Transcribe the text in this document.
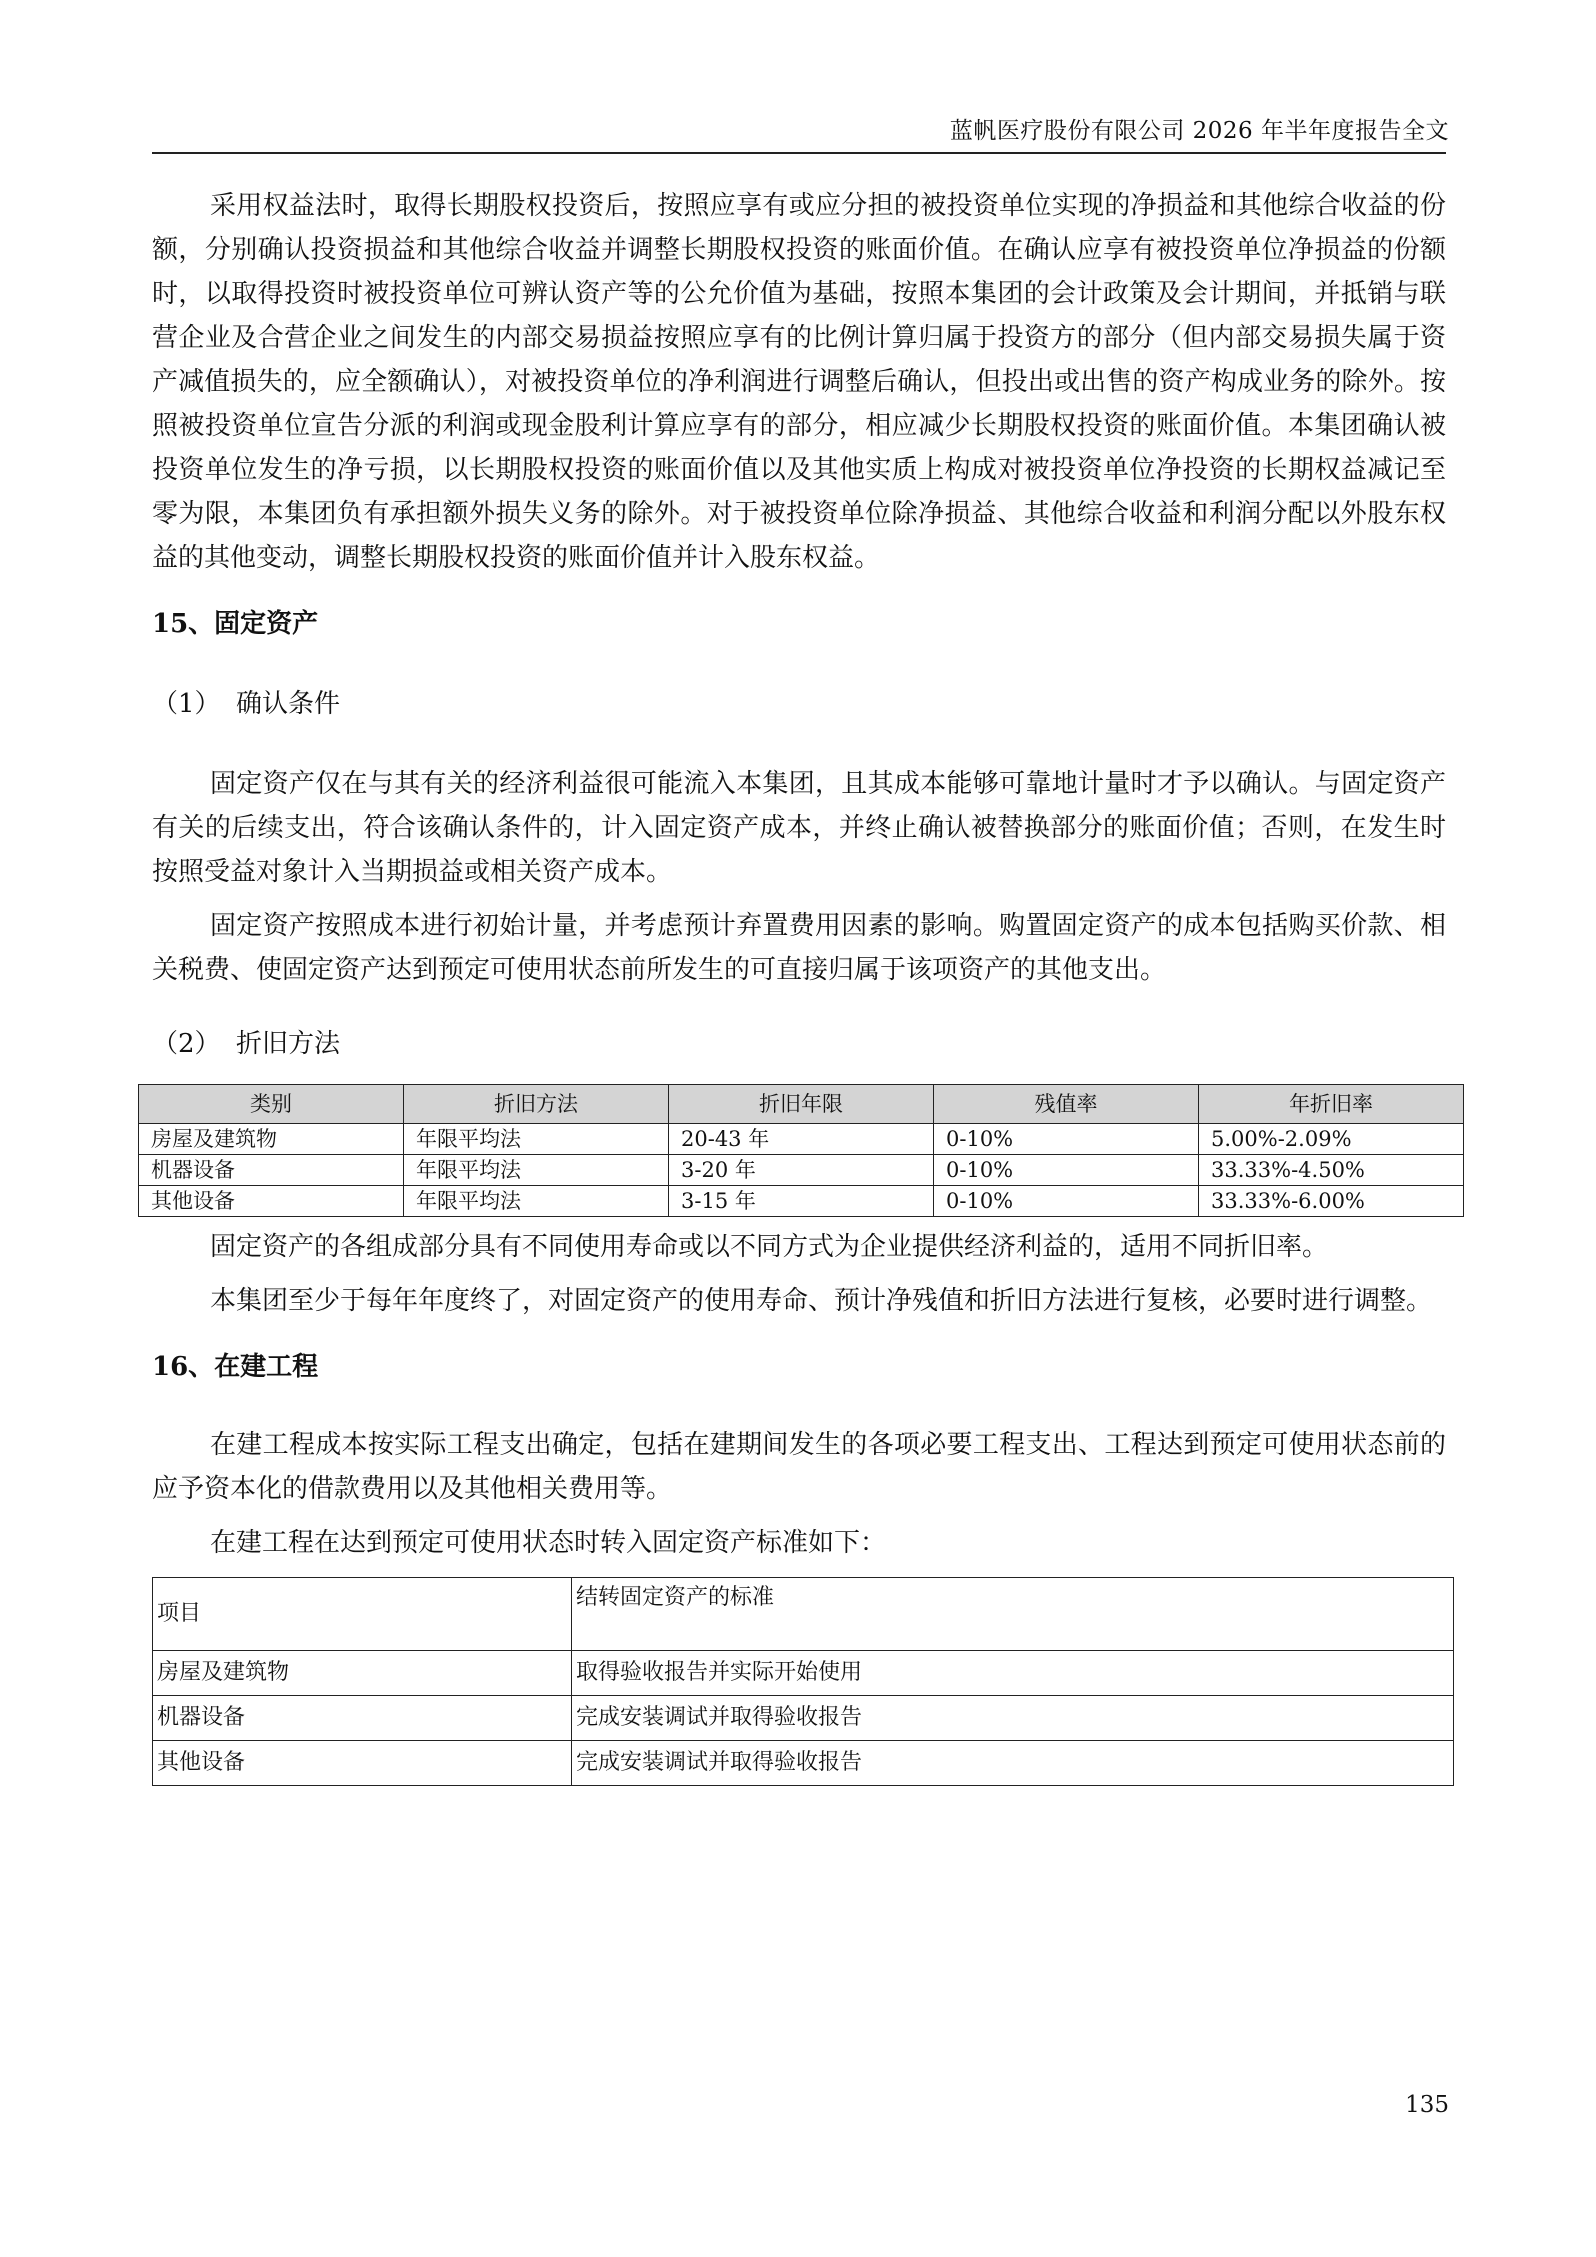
蓝帆医疗股份有限公司 2026 年半年度报告全文

采用权益法时，取得长期股权投资后，按照应享有或应分担的被投资单位实现的净损益和其他综合收益的份额，分别确认投资损益和其他综合收益并调整长期股权投资的账面价值。在确认应享有被投资单位净损益的份额时，以取得投资时被投资单位可辨认资产等的公允价值为基础，按照本集团的会计政策及会计期间，并抵销与联营企业及合营企业之间发生的内部交易损益按照应享有的比例计算归属于投资方的部分（但内部交易损失属于资产减值损失的，应全额确认），对被投资单位的净利润进行调整后确认，但投出或出售的资产构成业务的除外。按照被投资单位宣告分派的利润或现金股利计算应享有的部分，相应减少长期股权投资的账面价值。本集团确认被投资单位发生的净亏损，以长期股权投资的账面价值以及其他实质上构成对被投资单位净投资的长期权益减记至零为限，本集团负有承担额外损失义务的除外。对于被投资单位除净损益、其他综合收益和利润分配以外股东权益的其他变动，调整长期股权投资的账面价值并计入股东权益。

15、固定资产
（1） 确认条件

固定资产仅在与其有关的经济利益很可能流入本集团，且其成本能够可靠地计量时才予以确认。与固定资产有关的后续支出，符合该确认条件的，计入固定资产成本，并终止确认被替换部分的账面价值；否则，在发生时按照受益对象计入当期损益或相关资产成本。

固定资产按照成本进行初始计量，并考虑预计弃置费用因素的影响。购置固定资产的成本包括购买价款、相关税费、使固定资产达到预定可使用状态前所发生的可直接归属于该项资产的其他支出。

（2） 折旧方法
类别	折旧方法	折旧年限	残值率	年折旧率
房屋及建筑物	年限平均法	20-43 年	0-10%	5.00%-2.09%
机器设备	年限平均法	3-20 年	0-10%	33.33%-4.50%
其他设备	年限平均法	3-15 年	0-10%	33.33%-6.00%

固定资产的各组成部分具有不同使用寿命或以不同方式为企业提供经济利益的，适用不同折旧率。

本集团至少于每年年度终了，对固定资产的使用寿命、预计净残值和折旧方法进行复核，必要时进行调整。

16、在建工程

在建工程成本按实际工程支出确定，包括在建期间发生的各项必要工程支出、工程达到预定可使用状态前的应予资本化的借款费用以及其他相关费用等。

在建工程在达到预定可使用状态时转入固定资产标准如下：

项目	结转固定资产的标准
房屋及建筑物	取得验收报告并实际开始使用
机器设备	完成安装调试并取得验收报告
其他设备	完成安装调试并取得验收报告
135
